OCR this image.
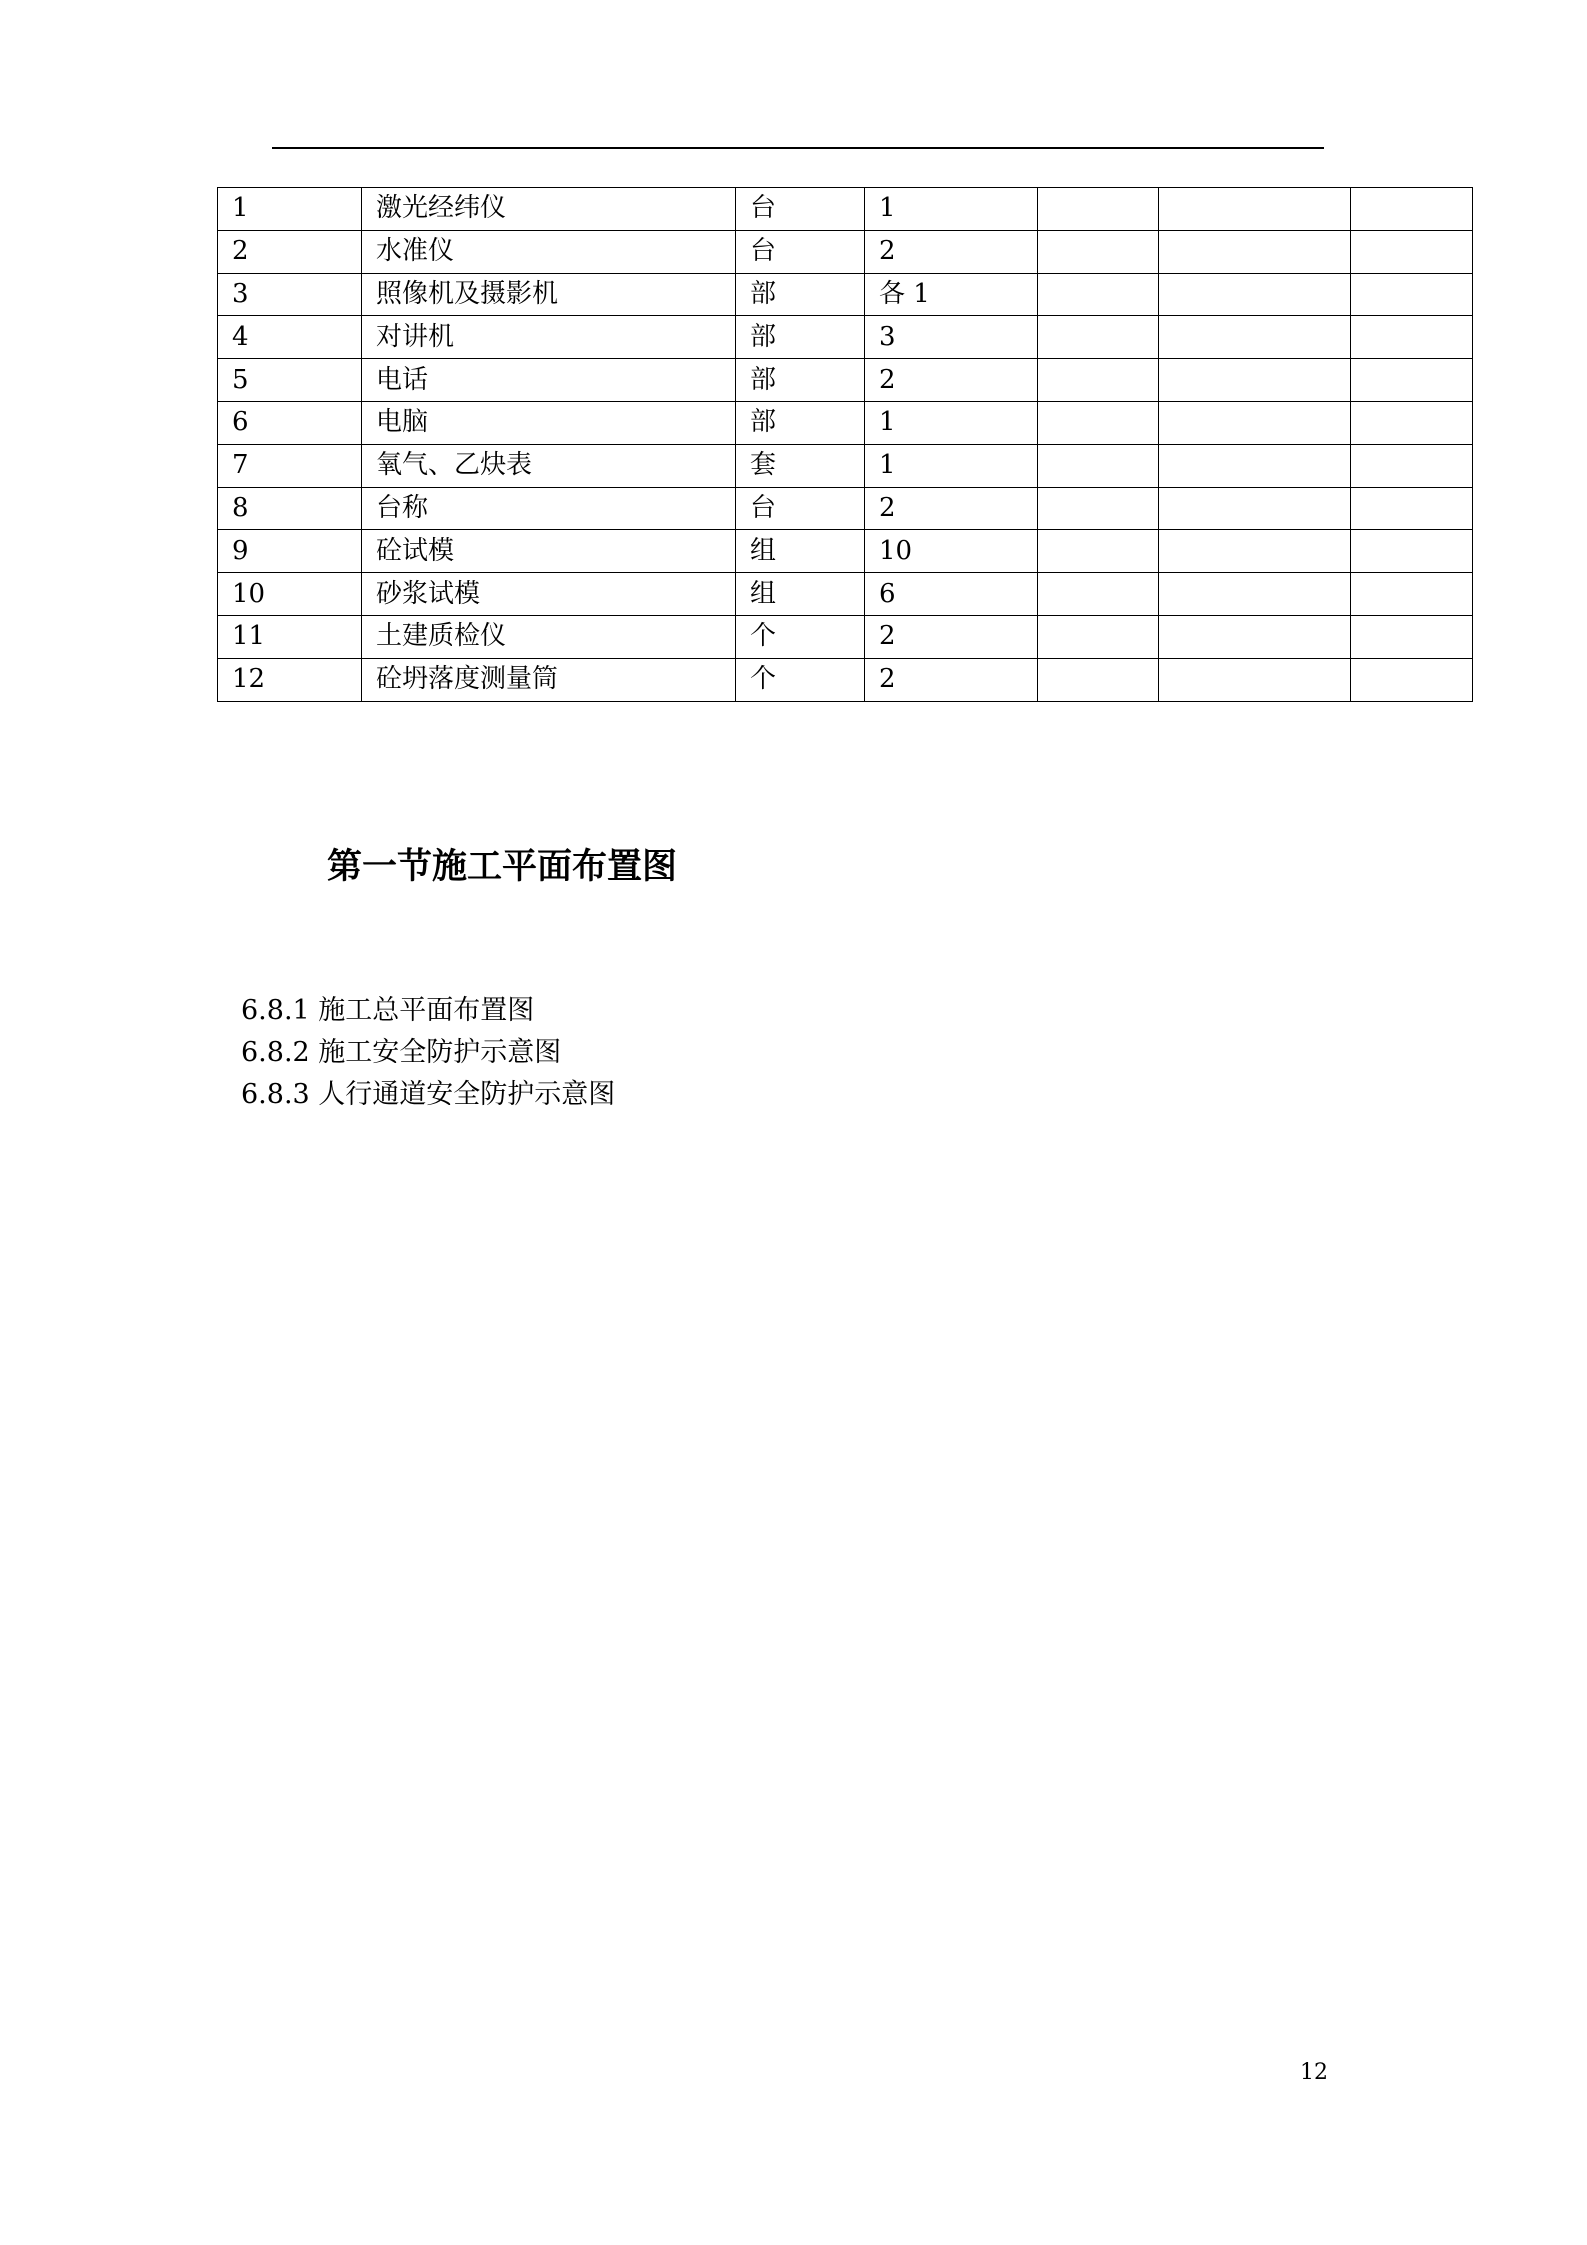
1	激光经纬仪	台	1			
2	水准仪	台	2			
3	照像机及摄影机	部	各 1			
4	对讲机	部	3			
5	电话	部	2			
6	电脑	部	1			
7	氧气、乙炔表	套	1			
8	台称	台	2			
9	砼试模	组	10			
10	砂浆试模	组	6			
11	土建质检仪	个	2			
12	砼坍落度测量筒	个	2			
第一节施工平面布置图
6.8.1 施工总平面布置图
6.8.2 施工安全防护示意图
6.8.3 人行通道安全防护示意图
12
